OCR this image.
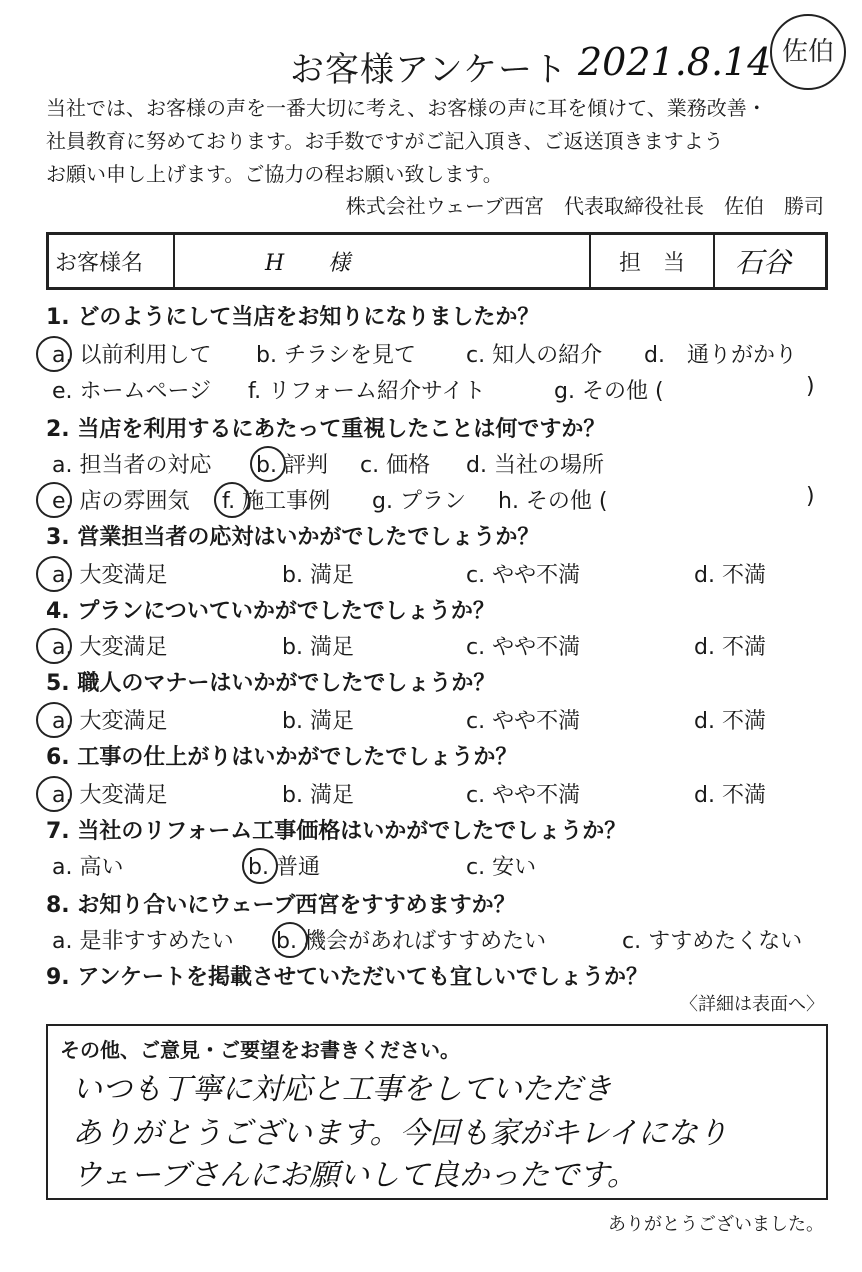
お客様アンケート 2021.8.14 佐伯
当社では、お客様の声を一番大切に考え、お客様の声に耳を傾けて、業務改善・
社員教育に努めております。お手数ですがご記入頂き、ご返送頂きますよう
お願い申し上げます。ご協力の程お願い致します。
株式会社ウェーブ西宮　代表取締役社長　佐伯　勝司
お客様名	H　　様	担　当	石谷
1. どのようにして当店をお知りになりましたか？
a. 以前利用して b. チラシを見て c. 知人の紹介 d.　通りがかり
e. ホームページ f. リフォーム紹介サイト	g. その他 (	)
2. 当店を利用するにあたって重視したことは何ですか？
a. 担当者の対応 b. 評判 c. 価格 d. 当社の場所
e. 店の雰囲気 f. 施工事例 g. プラン h. その他 (	)
3. 営業担当者の応対はいかがでしたでしょうか？
a. 大変満足	b. 満足	c. やや不満	d. 不満
4. プランについていかがでしたでしょうか？
a. 大変満足	b. 満足	c. やや不満	d. 不満
5. 職人のマナーはいかがでしたでしょうか？
a. 大変満足	b. 満足	c. やや不満	d. 不満
6. 工事の仕上がりはいかがでしたでしょうか？
a. 大変満足	b. 満足	c. やや不満	d. 不満
7. 当社のリフォーム工事価格はいかがでしたでしょうか？
a. 高い	b. 普通	c. 安い
8. お知り合いにウェーブ西宮をすすめますか？
a. 是非すすめたい b. 機会があればすすめたい	c. すすめたくない
9. アンケートを掲載させていただいても宜しいでしょうか？
〈詳細は表面へ〉
その他、ご意見・ご要望をお書きください。
いつも丁寧に対応と工事をしていただき
ありがとうございます。今回も家がキレイになり
ウェーブさんにお願いして良かったです。
ありがとうございました。
